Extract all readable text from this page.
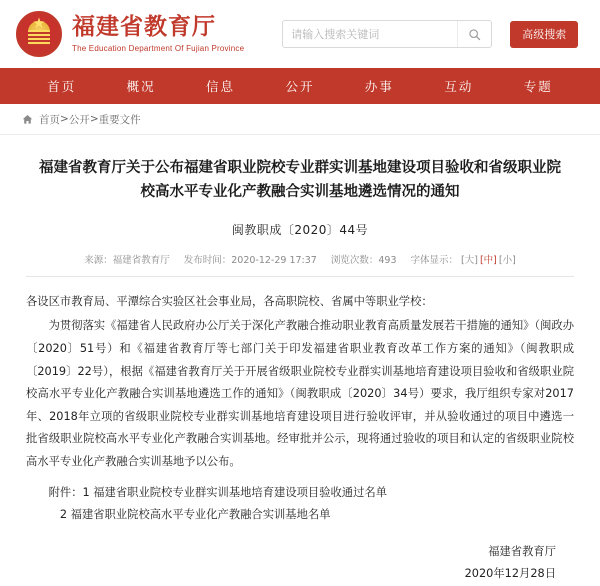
★
福建省教育厅
The Education Department Of Fujian Province
请输入搜索关键词
高级搜索
首页	概况	信息	公开	办事	互动	专题
首页 > 公开 > 重要文件
福建省教育厅关于公布福建省职业院校专业群实训基地建设项目验收和省级职业院校高水平专业化产教融合实训基地遴选情况的通知
闽教职成〔2020〕44号
来源：福建省教育厅 发布时间：2020-12-29 17:37 浏览次数：493 字体显示： [大] [中] [小]

各设区市教育局、平潭综合实验区社会事业局，各高职院校、省属中等职业学校：

为贯彻落实《福建省人民政府办公厅关于深化产教融合推动职业教育高质量发展若干措施的通知》（闽政办〔2020〕51号）和《福建省教育厅等七部门关于印发福建省职业教育改革工作方案的通知》（闽教职成〔2019〕22号），根据《福建省教育厅关于开展省级职业院校专业群实训基地培育建设项目验收和省级职业院校高水平专业化产教融合实训基地遴选工作的通知》（闽教职成〔2020〕34号）要求，我厅组织专家对2017年、2018年立项的省级职业院校专业群实训基地培育建设项目进行验收评审，并从验收通过的项目中遴选一批省级职业院校高水平专业化产教融合实训基地。经审批并公示，现将通过验收的项目和认定的省级职业院校高水平专业化产教融合实训基地予以公布。

附件：1 福建省职业院校专业群实训基地培育建设项目验收通过名单

2 福建省职业院校高水平专业化产教融合实训基地名单

福建省教育厅
2020年12月28日
